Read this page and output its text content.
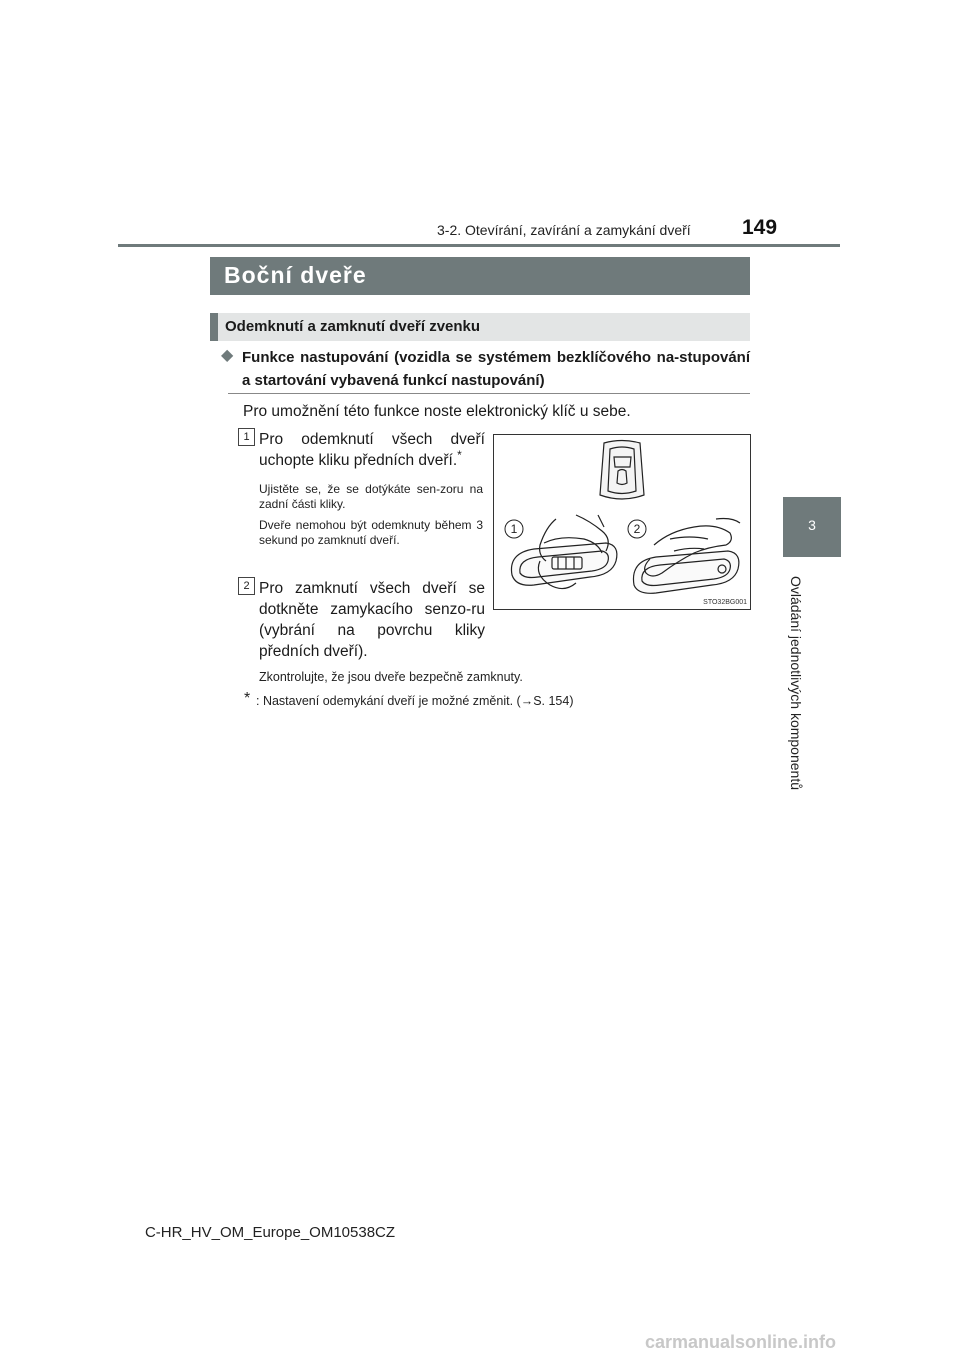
3-2. Otevírání, zavírání a zamykání dveří 149
3
Ovládání jednotlivých komponentů
Boční dveře
Odemknutí a zamknutí dveří zvenku
◆ Funkce nastupování (vozidla se systémem bezklíčového na-stupování a startování vybavená funkcí nastupování)
Pro umožnění této funkce noste elektronický klíč u sebe.
1 Pro odemknutí všech dveří uchopte kliku předních dveří.*
Ujistěte se, že se dotýkáte sen-zoru na zadní části kliky.
Dveře nemohou být odemknuty během 3 sekund po zamknutí dveří.
2 Pro zamknutí všech dveří se dotkněte zamykacího senzo-ru (vybrání na povrchu kliky předních dveří).
Zkontrolujte, že jsou dveře bezpečně zamknuty.
* : Nastavení odemykání dveří je možné změnit. (→S. 154)
1	2
STO32BG001
C-HR_HV_OM_Europe_OM10538CZ
carmanualsonline.info
